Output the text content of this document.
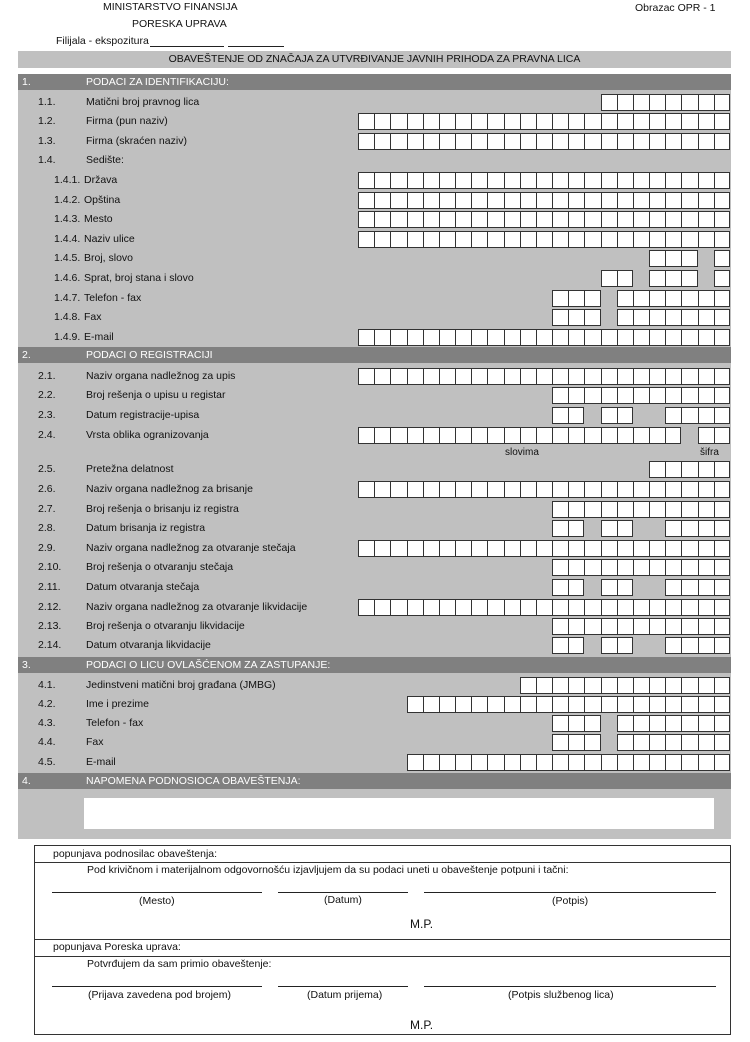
MINISTARSTVO FINANSIJA
PORESKA UPRAVA
Filijala - ekspozitura
Obrazac OPR - 1
OBAVEŠTENJE OD ZNAČAJA ZA UTVRĐIVANJE JAVNIH PRIHODA ZA PRAVNA LICA
1.	PODACI ZA IDENTIFIKACIJU:
2.	PODACI O REGISTRACIJI
3.	PODACI O LICU OVLAŠĆENOM ZA ZASTUPANJE:
4.	NAPOMENA PODNOSIOCA OBAVEŠTENJA:
1.1.	Matični broj pravnog lica
1.2.	Firma (pun naziv)
1.3.	Firma (skraćen naziv)
1.4.	Sedište:
1.4.1. Država
1.4.2. Opština
1.4.3. Mesto
1.4.4. Naziv ulice
1.4.5. Broj, slovo
1.4.6. Sprat, broj stana i slovo
1.4.7. Telefon - fax
1.4.8. Fax
1.4.9. E-mail
2.1.	Naziv organa nadležnog za upis
2.2.	Broj rešenja o upisu u registar
2.3.	Datum registracije-upisa
2.4.	Vrsta oblika ogranizovanja
2.5.	Pretežna delatnost
2.6.	Naziv organa nadležnog za brisanje
2.7.	Broj rešenja o brisanju iz registra
2.8.	Datum brisanja iz registra
2.9.	Naziv organa nadležnog za otvaranje stečaja
2.10. Broj rešenja o otvaranju stečaja
2.11. Datum otvaranja stečaja
2.12. Naziv organa nadležnog za otvaranje likvidacije
2.13. Broj rešenja o otvaranju likvidacije
2.14. Datum otvaranja likvidacije
4.1.	Jedinstveni matični broj građana (JMBG)
4.2.	Ime i prezime
4.3.	Telefon - fax
4.4.	Fax
4.5.	E-mail
slovima	šifra
popunjava podnosilac obaveštenja:
Pod krivičnom i materijalnom odgovornošću izjavljujem da su podaci uneti u obaveštenje potpuni i tačni:
(Mesto)	(Datum)	(Potpis)
M.P.
popunjava Poreska uprava:
Potvrđujem da sam primio obaveštenje:
(Prijava zavedena pod brojem)	(Datum prijema)	(Potpis službenog lica)
M.P.
